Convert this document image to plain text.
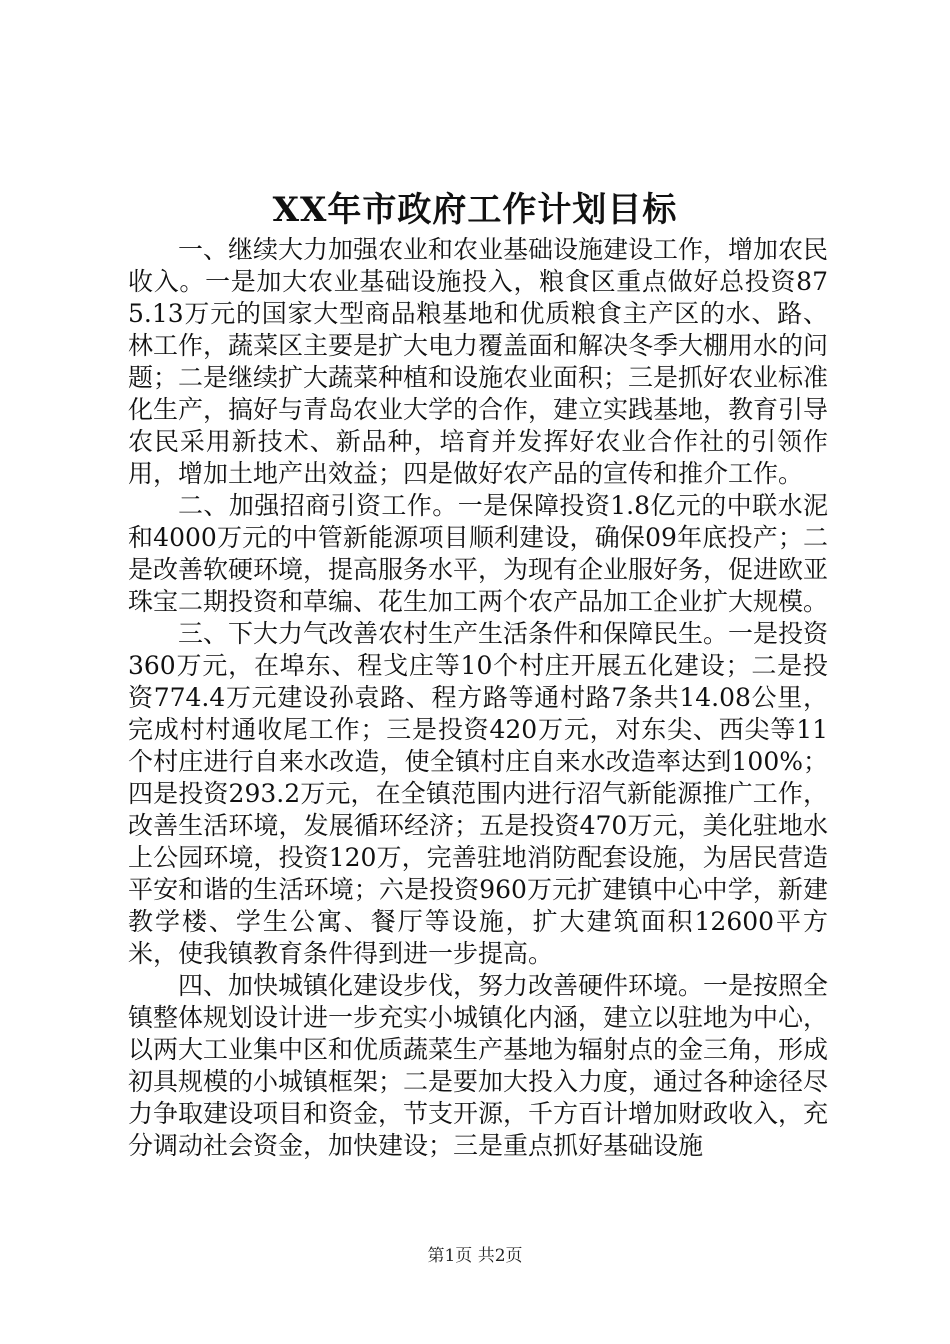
XX年市政府工作计划目标

一、继续大力加强农业和农业基础设施建设工作，增加农民收入。一是加大农业基础设施投入，粮食区重点做好总投资875.13万元的国家大型商品粮基地和优质粮食主产区的水、路、林工作，蔬菜区主要是扩大电力覆盖面和解决冬季大棚用水的问题；二是继续扩大蔬菜种植和设施农业面积；三是抓好农业标准化生产，搞好与青岛农业大学的合作，建立实践基地，教育引导农民采用新技术、新品种，培育并发挥好农业合作社的引领作用，增加土地产出效益；四是做好农产品的宣传和推介工作。

二、加强招商引资工作。一是保障投资1.8亿元的中联水泥和4000万元的中管新能源项目顺利建设，确保09年底投产；二是改善软硬环境，提高服务水平，为现有企业服好务，促进欧亚珠宝二期投资和草编、花生加工两个农产品加工企业扩大规模。

三、下大力气改善农村生产生活条件和保障民生。一是投资360万元，在埠东、程戈庄等10个村庄开展五化建设；二是投资774.4万元建设孙袁路、程方路等通村路7条共14.08公里，完成村村通收尾工作；三是投资420万元，对东尖、西尖等11个村庄进行自来水改造，使全镇村庄自来水改造率达到100%；四是投资293.2万元，在全镇范围内进行沼气新能源推广工作，改善生活环境，发展循环经济；五是投资470万元，美化驻地水上公园环境，投资120万，完善驻地消防配套设施，为居民营造平安和谐的生活环境；六是投资960万元扩建镇中心中学，新建教学楼、学生公寓、餐厅等设施，扩大建筑面积12600平方米，使我镇教育条件得到进一步提高。

四、加快城镇化建设步伐，努力改善硬件环境。一是按照全镇整体规划设计进一步充实小城镇化内涵，建立以驻地为中心，以两大工业集中区和优质蔬菜生产基地为辐射点的金三角，形成初具规模的小城镇框架；二是要加大投入力度，通过各种途径尽力争取建设项目和资金，节支开源，千方百计增加财政收入，充分调动社会资金，加快建设；三是重点抓好基础设施

第1页 共2页
